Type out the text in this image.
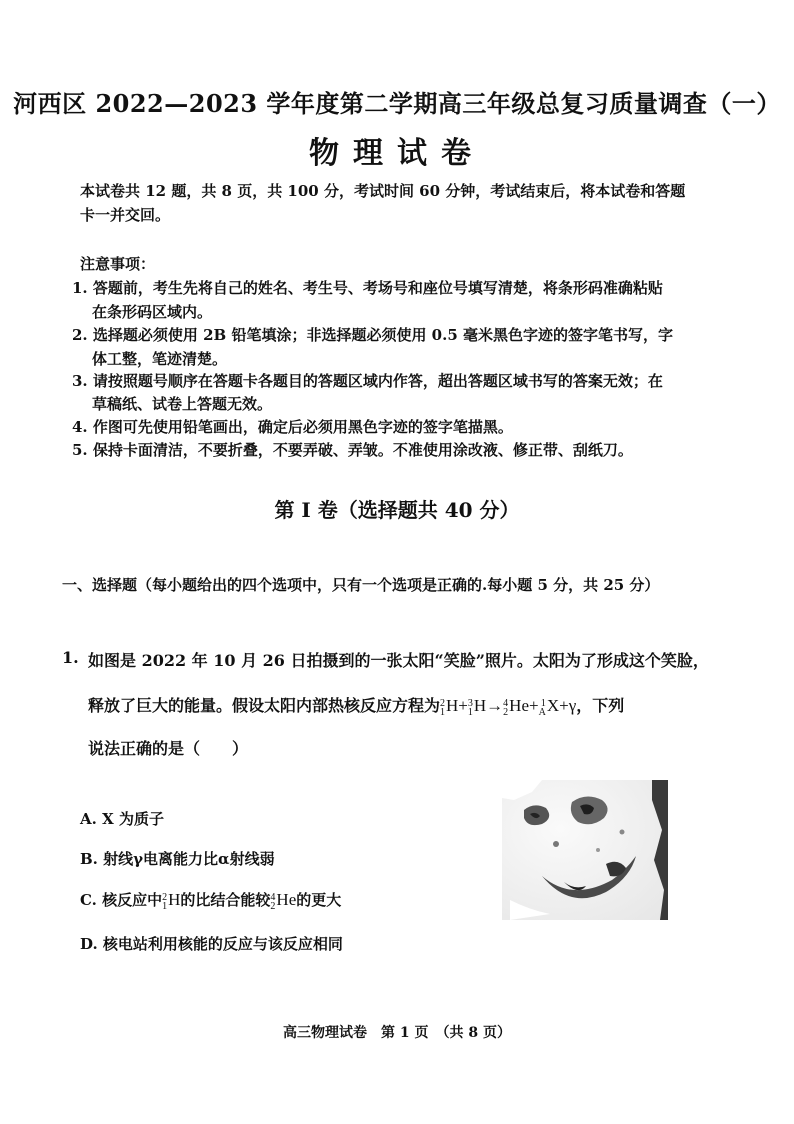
河西区 2022—2023 学年度第二学期高三年级总复习质量调查（一）
物理试卷
本试卷共 12 题，共 8 页，共 100 分，考试时间 60 分钟，考试结束后，将本试卷和答题
卡一并交回。
注意事项：
1. 答题前，考生先将自己的姓名、考生号、考场号和座位号填写清楚，将条形码准确粘贴
在条形码区域内。
2. 选择题必须使用 2B 铅笔填涂；非选择题必须使用 0.5 毫米黑色字迹的签字笔书写，字
体工整，笔迹清楚。
3. 请按照题号顺序在答题卡各题目的答题区域内作答，超出答题区域书写的答案无效；在
草稿纸、试卷上答题无效。
4. 作图可先使用铅笔画出，确定后必须用黑色字迹的签字笔描黑。
5. 保持卡面清洁，不要折叠，不要弄破、弄皱。不准使用涂改液、修正带、刮纸刀。
第 I 卷（选择题共 40 分）
一、选择题（每小题给出的四个选项中，只有一个选项是正确的.每小题 5 分，共 25 分）
1. 如图是 2022 年 10 月 26 日拍摄到的一张太阳“笑脸”照片。太阳为了形成这个笑脸，
释放了巨大的能量。假设太阳内部热核反应方程为 2
1 H+ 3
1 H→ 4
2 He+ 1
A X+γ，下列
说法正确的是（　　）
A. X 为质子
B. 射线γ电离能力比α射线弱
C. 核反应中 2
1 H的比结合能较 4
2 He的更大
D. 核电站利用核能的反应与该反应相同
高三物理试卷　第 1 页　（共 8 页）
